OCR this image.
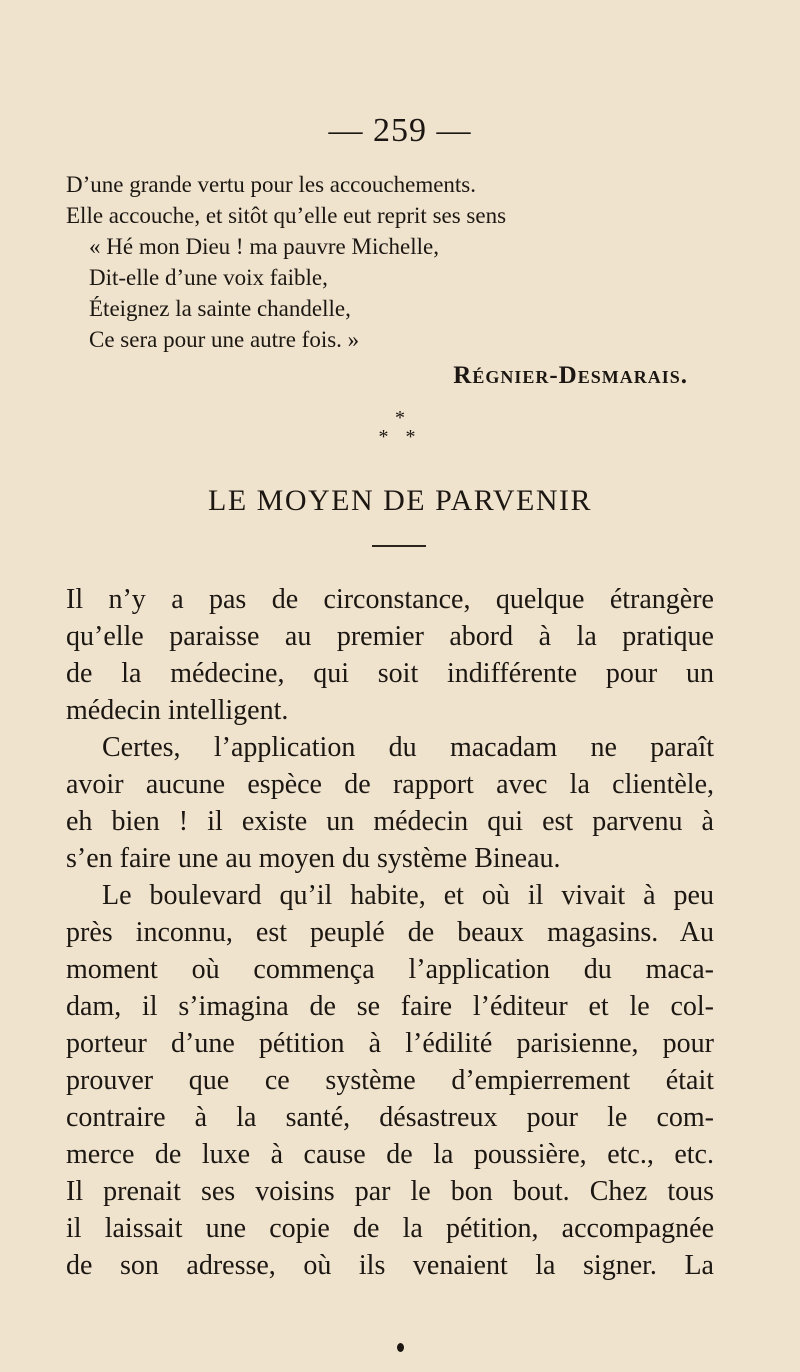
— 259 —
D’une grande vertu pour les accouchements.
Elle accouche, et sitôt qu’elle eut reprit ses sens
« Hé mon Dieu ! ma pauvre Michelle,
Dit-elle d’une voix faible,
Éteignez la sainte chandelle,
Ce sera pour une autre fois. »
Régnier-Desmarais.
*
* *
LE MOYEN DE PARVENIR
Il n’y a pas de circonstance, quelque étrangère
qu’elle paraisse au premier abord à la pratique
de la médecine, qui soit indifférente pour un
médecin intelligent.
Certes, l’application du macadam ne paraît
avoir aucune espèce de rapport avec la clientèle,
eh bien ! il existe un médecin qui est parvenu à
s’en faire une au moyen du système Bineau.
Le boulevard qu’il habite, et où il vivait à peu
près inconnu, est peuplé de beaux magasins. Au
moment où commença l’application du maca-
dam, il s’imagina de se faire l’éditeur et le col-
porteur d’une pétition à l’édilité parisienne, pour
prouver que ce système d’empierrement était
contraire à la santé, désastreux pour le com-
merce de luxe à cause de la poussière, etc., etc.
Il prenait ses voisins par le bon bout. Chez tous
il laissait une copie de la pétition, accompagnée
de son adresse, où ils venaient la signer. La
